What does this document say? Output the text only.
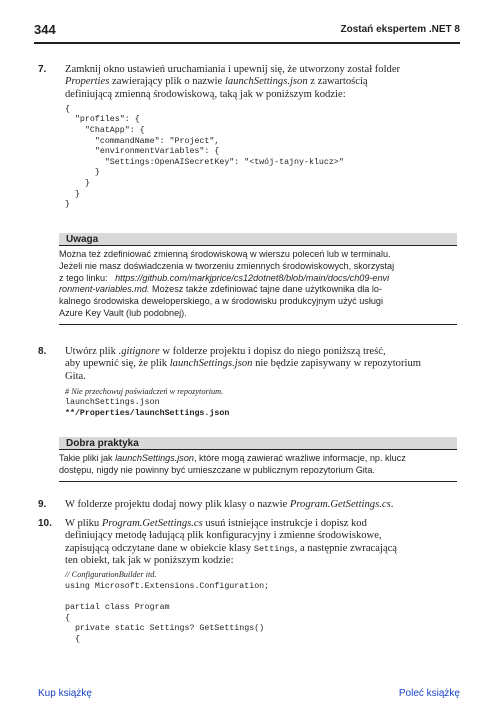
344	Zostań ekspertem .NET 8
7. Zamknij okno ustawień uruchamiania i upewnij się, że utworzony został folder

Properties zawierający plik o nazwie launchSettings.json z zawartością

definiującą zmienną środowiskową, taką jak w poniższym kodzie:

{
"profiles": {
"ChatApp": {
"commandName": "Project",
"environmentVariables": {
"Settings:OpenAISecretKey": "<twój-tajny-klucz>"
}
}
}
}
Uwaga
Można też zdefiniować zmienną środowiskową w wierszu poleceń lub w terminalu.
Jeżeli nie masz doświadczenia w tworzeniu zmiennych środowiskowych, skorzystaj
z tego linku: https://github.com/markjprice/cs12dotnet8/blob/main/docs/ch09-envi
ronment-variables.md. Możesz także zdefiniować tajne dane użytkownika dla lo-
kalnego środowiska deweloperskiego, a w środowisku produkcyjnym użyć usługi
Azure Key Vault (lub podobnej).
8. Utwórz plik .gitignore w folderze projektu i dopisz do niego poniższą treść,

aby upewnić się, że plik launchSettings.json nie będzie zapisywany w repozytorium

Gita.

# Nie przechowuj poświadczeń w repozytorium.
launchSettings.json
**/Properties/launchSettings.json
Dobra praktyka
Takie pliki jak launchSettings.json, które mogą zawierać wrażliwe informacje, np. klucz
dostępu, nigdy nie powinny być umieszczane w publicznym repozytorium Gita.
9. W folderze projektu dodaj nowy plik klasy o nazwie Program.GetSettings.cs.

10. W pliku Program.GetSettings.cs usuń istniejące instrukcje i dopisz kod

definiujący metodę ładującą plik konfiguracyjny i zmienne środowiskowe,

zapisującą odczytane dane w obiekcie klasy Settings, a następnie zwracającą

ten obiekt, tak jak w poniższym kodzie:

// ConfigurationBuilder itd.
using Microsoft.Extensions.Configuration;

partial class Program
{
private static Settings? GetSettings()
{
Kup książkę	Poleć książkę
